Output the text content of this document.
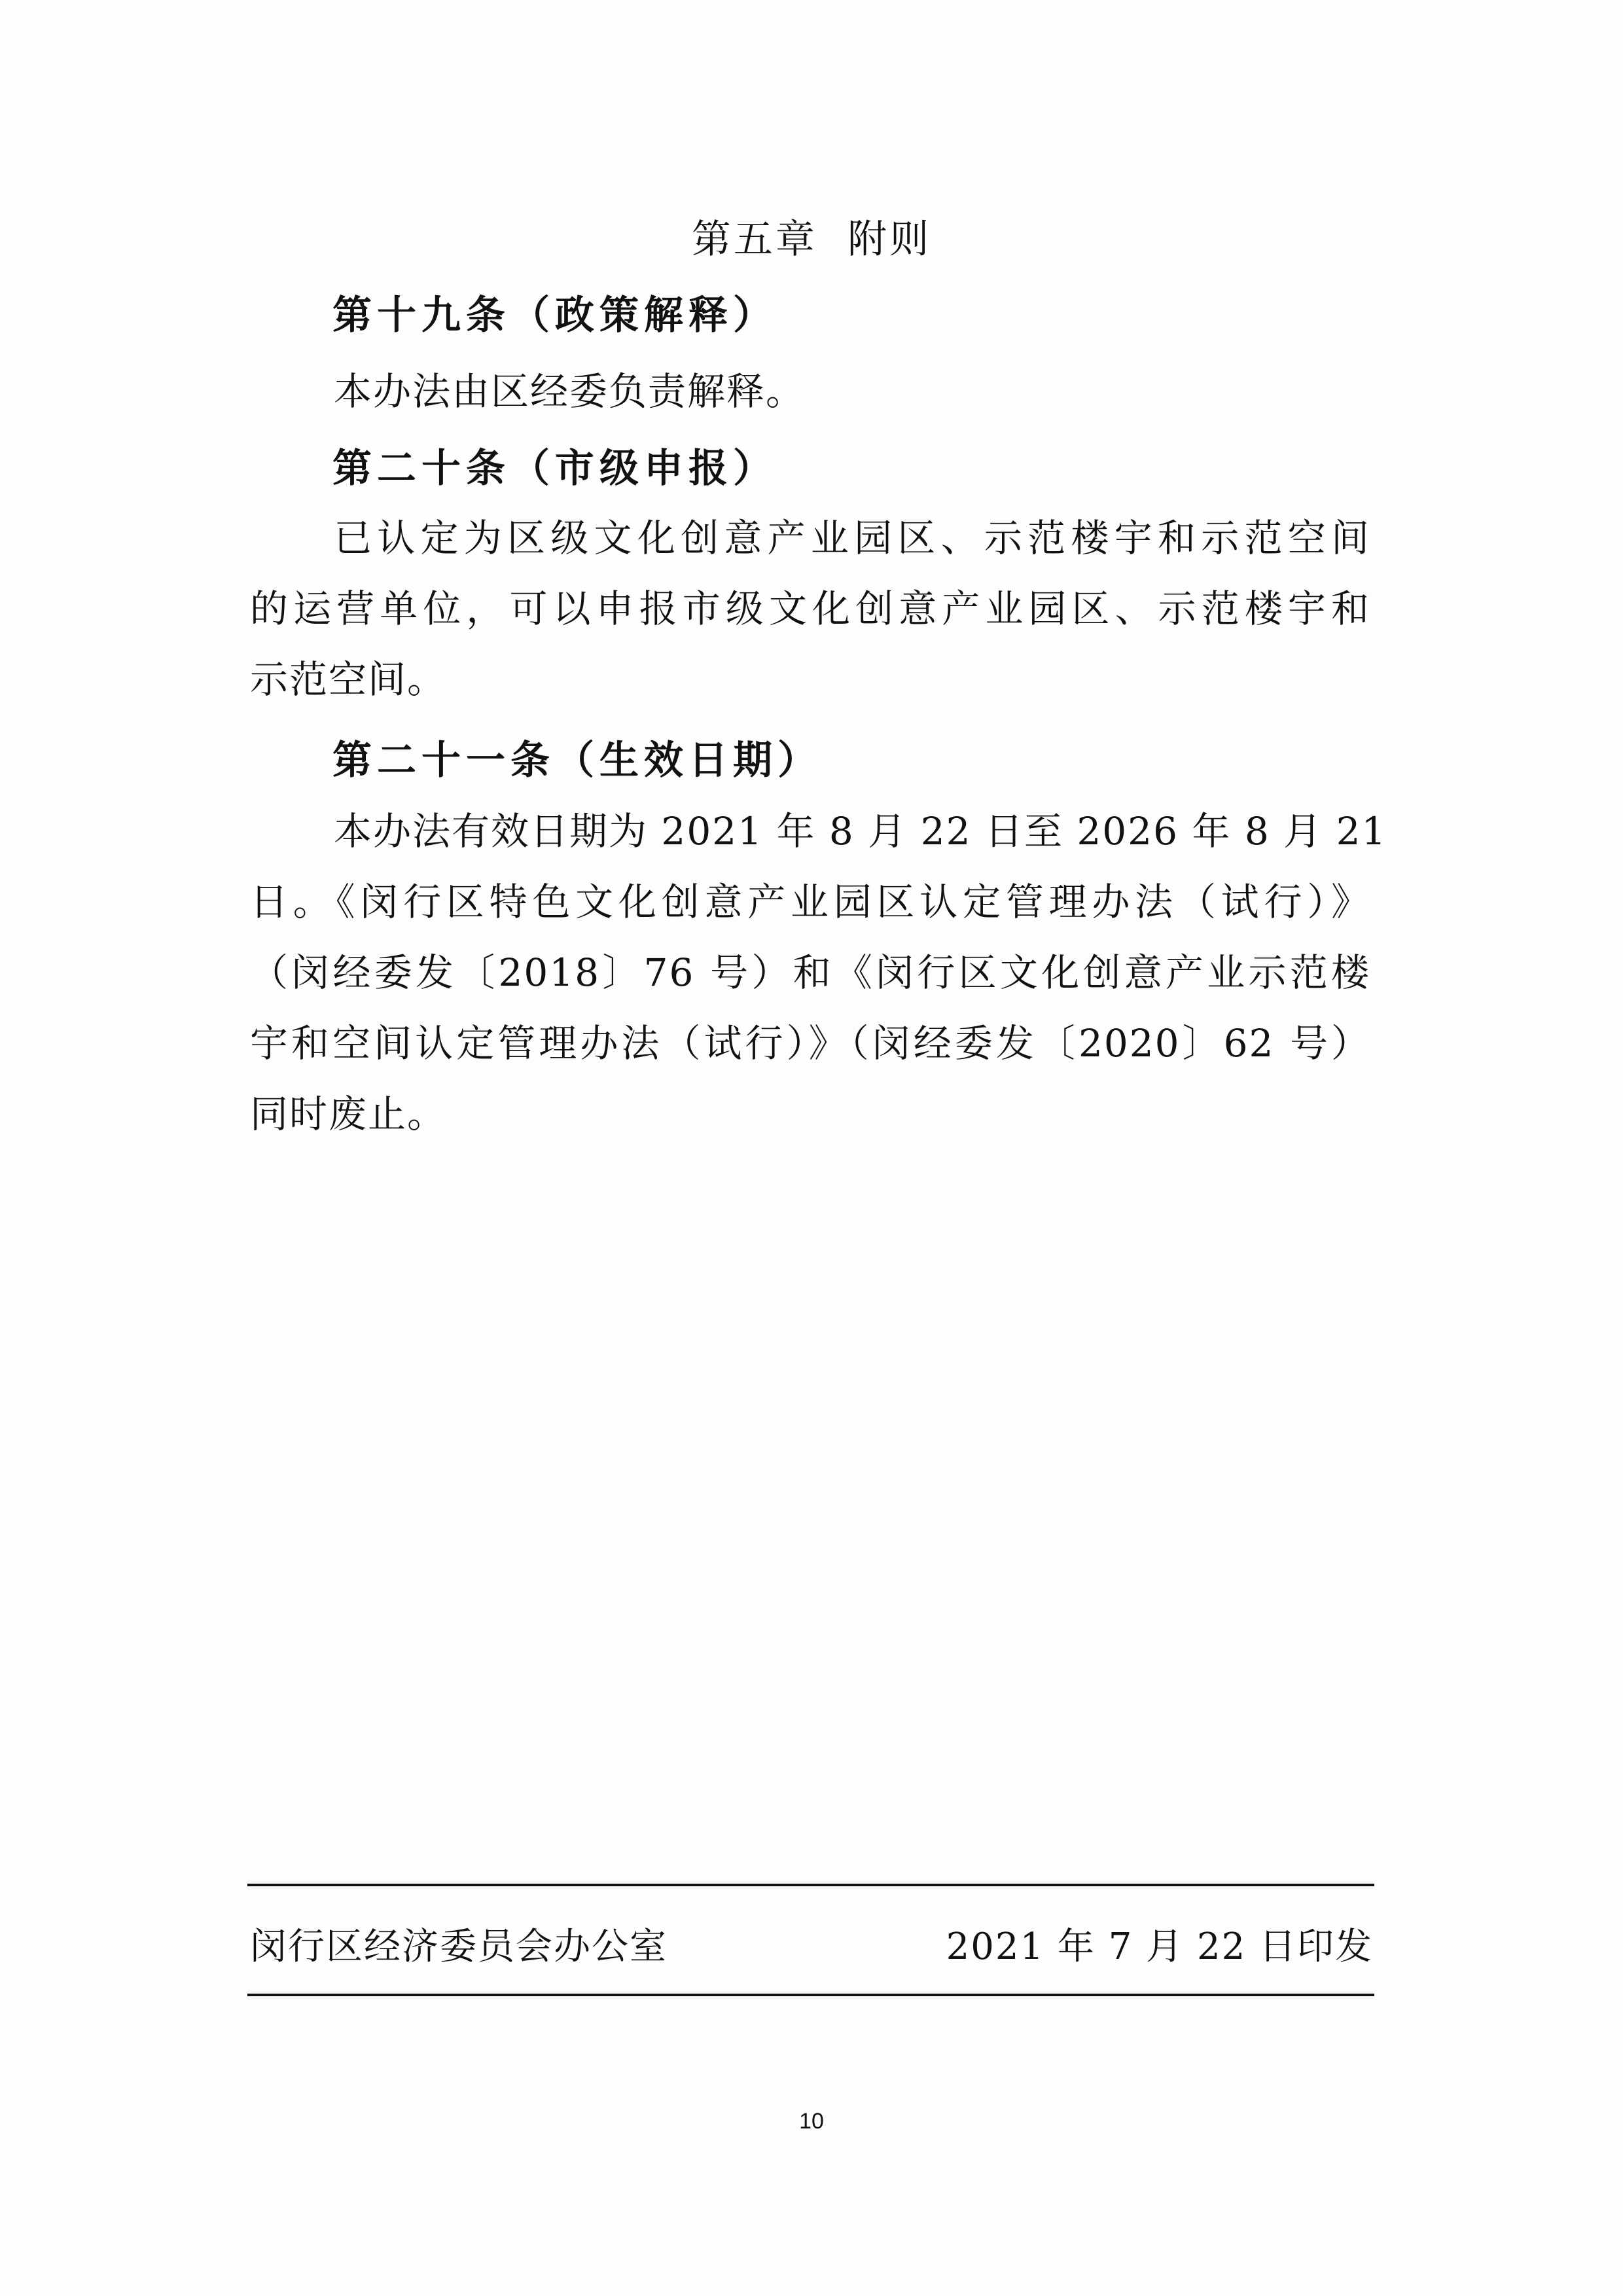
第五章  附则
第十九条（政策解释）
本办法由区经委负责解释。
第二十条（市级申报）
已认定为区级文化创意产业园区、示范楼宇和示范空间
的运营单位，可以申报市级文化创意产业园区、示范楼宇和
示范空间。
第二十一条（生效日期）
本办法有效日期为 2021 年 8 月 22 日至 2026 年 8 月 21
日。《闵行区特色文化创意产业园区认定管理办法（试行）》
（闵经委发〔2018〕76 号）和《闵行区文化创意产业示范楼
宇和空间认定管理办法（试行）》（闵经委发〔2020〕62 号）
同时废止。
闵行区经济委员会办公室	2021 年 7 月 22 日印发
10
